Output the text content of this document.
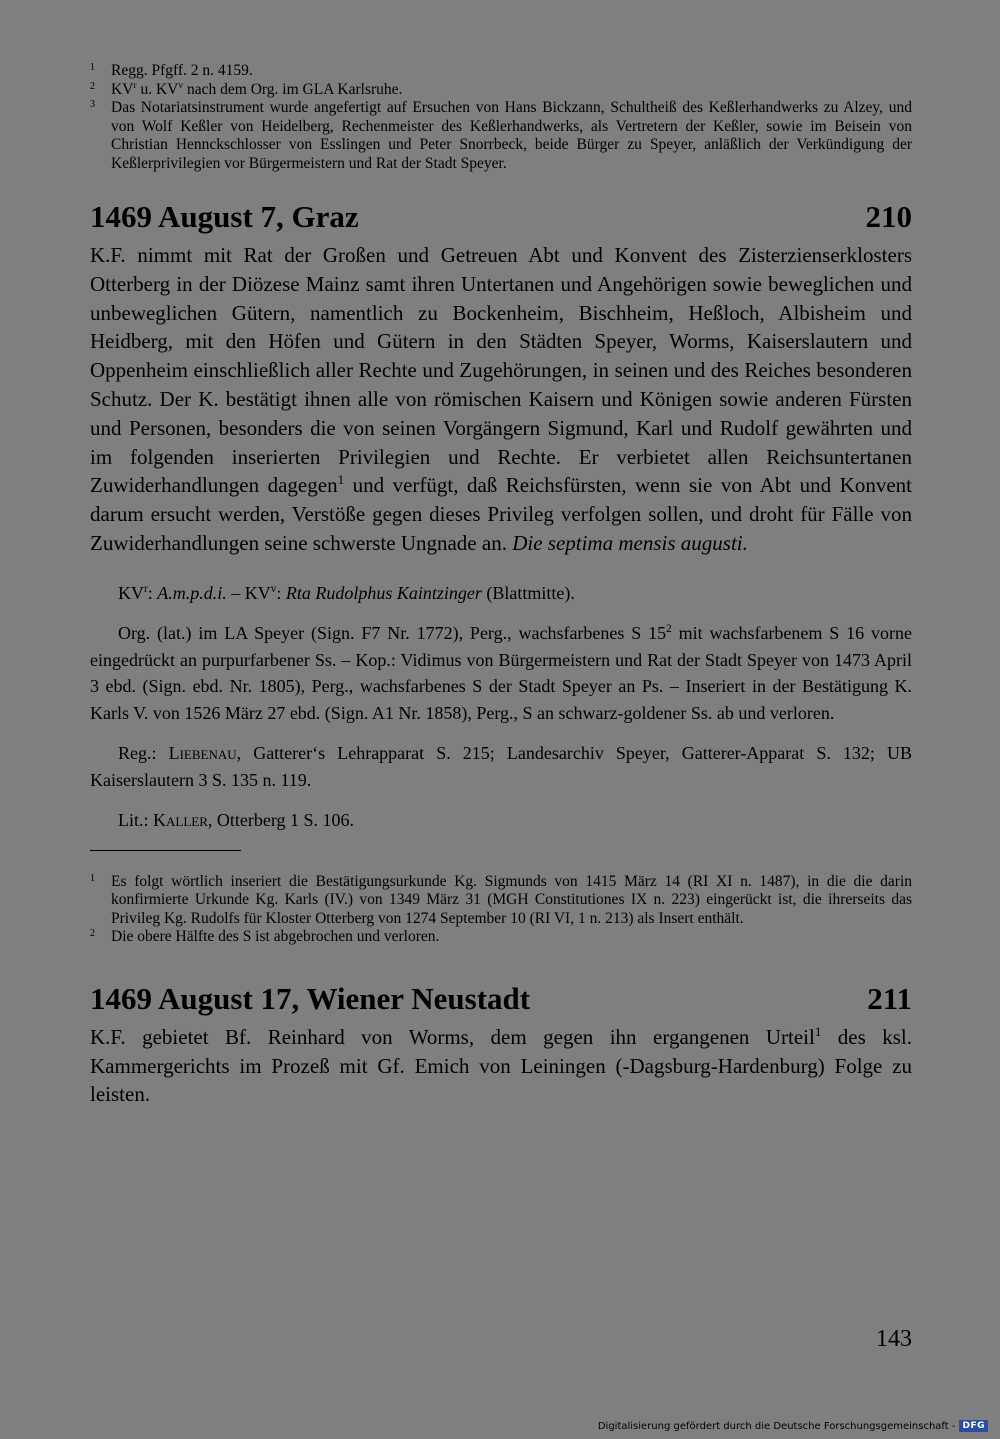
1	Regg. Pfgff. 2 n. 4159.
2	$KV^r$ u. $KV^v$ nach dem Org. im GLA Karlsruhe.
3	Das Notariatsinstrument wurde angefertigt auf Ersuchen von Hans Bickzann, Schultheiß des Keßlerhandwerks zu Alzey, und von Wolf Keßler von Heidelberg, Rechenmeister des Keßlerhandwerks, als Vertretern der Keßler, sowie im Beisein von Christian Hennckschlosser von Esslingen und Peter Snorrbeck, beide Bürger zu Speyer, anläßlich der Verkündigung der Keßlerprivilegien vor Bürgermeistern und Rat der Stadt Speyer.
1469 August 7, Graz	210
K.F. nimmt mit Rat der Großen und Getreuen Abt und Konvent des Zisterzienserklosters Otterberg in der Diözese Mainz samt ihren Untertanen und Angehörigen sowie beweglichen und unbeweglichen Gütern, namentlich zu Bockenheim, Bischheim, Heßloch, Albisheim und Heidberg, mit den Höfen und Gütern in den Städten Speyer, Worms, Kaiserslautern und Oppenheim einschließlich aller Rechte und Zugehörungen, in seinen und des Reiches besonderen Schutz. Der K. bestätigt ihnen alle von römischen Kaisern und Königen sowie anderen Fürsten und Personen, besonders die von seinen Vorgängern Sigmund, Karl und Rudolf gewährten und im folgenden inserierten Privilegien und Rechte. Er verbietet allen Reichsuntertanen Zuwiderhandlungen dagegen$^1$ und verfügt, daß Reichsfürsten, wenn sie von Abt und Konvent darum ersucht werden, Verstöße gegen dieses Privileg verfolgen sollen, und droht für Fälle von Zuwiderhandlungen seine schwerste Ungnade an. Die septima mensis augusti.

$KV^r$: A.m.p.d.i. – $KV^v$: Rta Rudolphus Kaintzinger (Blattmitte).

Org. (lat.) im LA Speyer (Sign. F7 Nr. 1772), Perg., wachsfarbenes S $15^2$ mit wachsfarbenem S 16 vorne eingedrückt an purpurfarbener Ss. – Kop.: Vidimus von Bürgermeistern und Rat der Stadt Speyer von 1473 April 3 ebd. (Sign. ebd. Nr. 1805), Perg., wachsfarbenes S der Stadt Speyer an Ps. – Inseriert in der Bestätigung K. Karls V. von 1526 März 27 ebd. (Sign. A1 Nr. 1858), Perg., S an schwarz-goldener Ss. ab und verloren.

Reg.: Liebenau, Gatterer‘s Lehrapparat S. 215; Landesarchiv Speyer, Gatterer-Apparat S. 132; UB Kaiserslautern 3 S. 135 n. 119.

Lit.: Kaller, Otterberg 1 S. 106.

1	Es folgt wörtlich inseriert die Bestätigungsurkunde Kg. Sigmunds von 1415 März 14 (RI XI n. 1487), in die die darin konfirmierte Urkunde Kg. Karls (IV.) von 1349 März 31 (MGH Constitutiones IX n. 223) eingerückt ist, die ihrerseits das Privileg Kg. Rudolfs für Kloster Otterberg von 1274 September 10 (RI VI, 1 n. 213) als Insert enthält.
2	Die obere Hälfte des S ist abgebrochen und verloren.
1469 August 17, Wiener Neustadt	211
K.F. gebietet Bf. Reinhard von Worms, dem gegen ihn ergangenen Urteil$^1$ des ksl. Kammergerichts im Prozeß mit Gf. Emich von Leiningen (-Dagsburg-Hardenburg) Folge zu leisten.
143
Digitalisierung gefördert durch die Deutsche Forschungsgemeinschaft - DFG
